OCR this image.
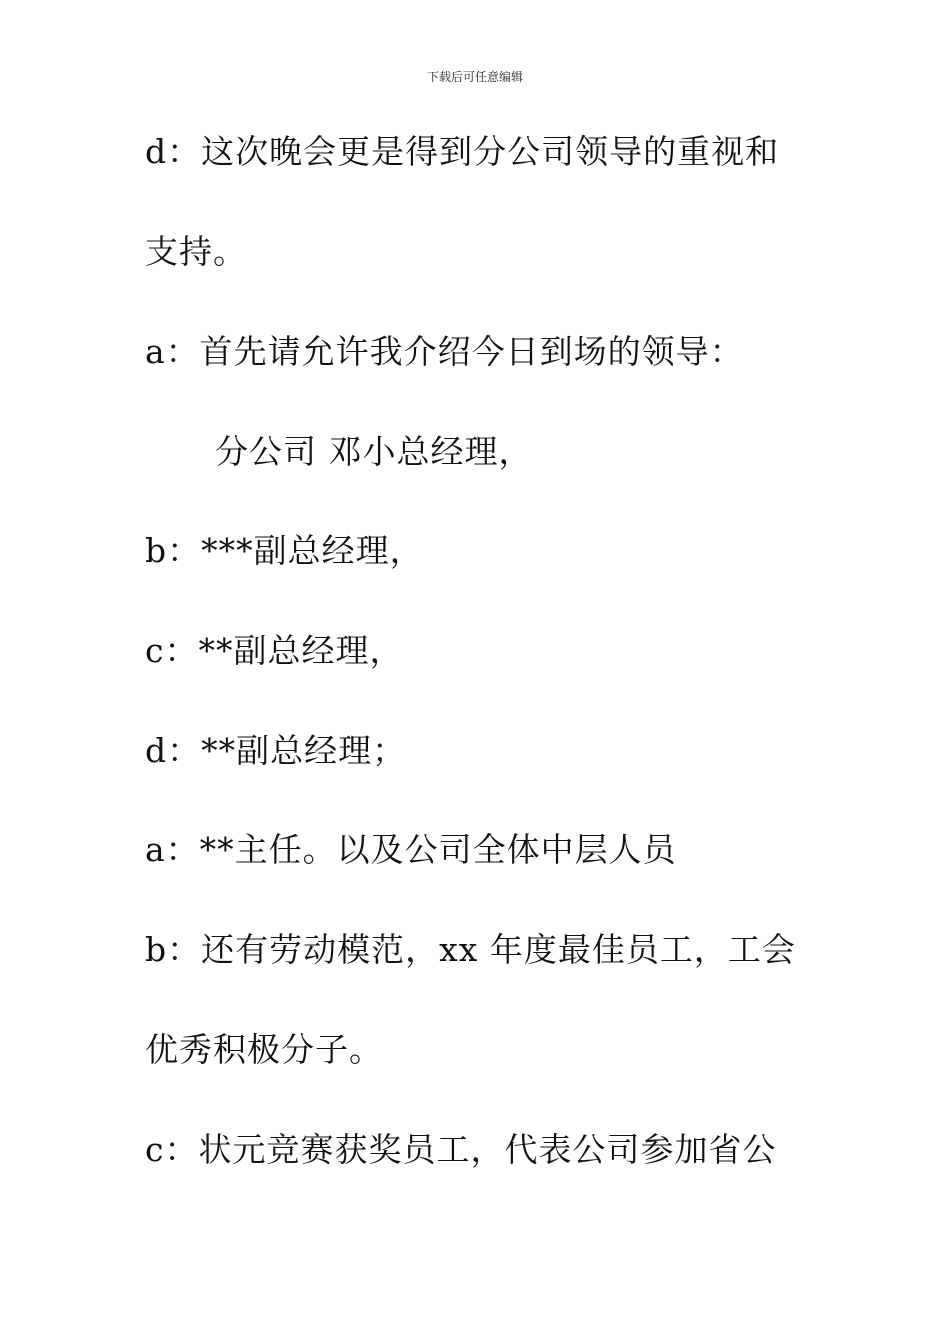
下载后可任意编辑
d：这次晚会更是得到分公司领导的重视和
支持。
a：首先请允许我介绍今日到场的领导：
分公司 邓小总经理，
b：***副总经理，
c：**副总经理，
d：**副总经理；
a：**主任。以及公司全体中层人员
b：还有劳动模范，xx 年度最佳员工，工会
优秀积极分子。
c：状元竞赛获奖员工，代表公司参加省公
